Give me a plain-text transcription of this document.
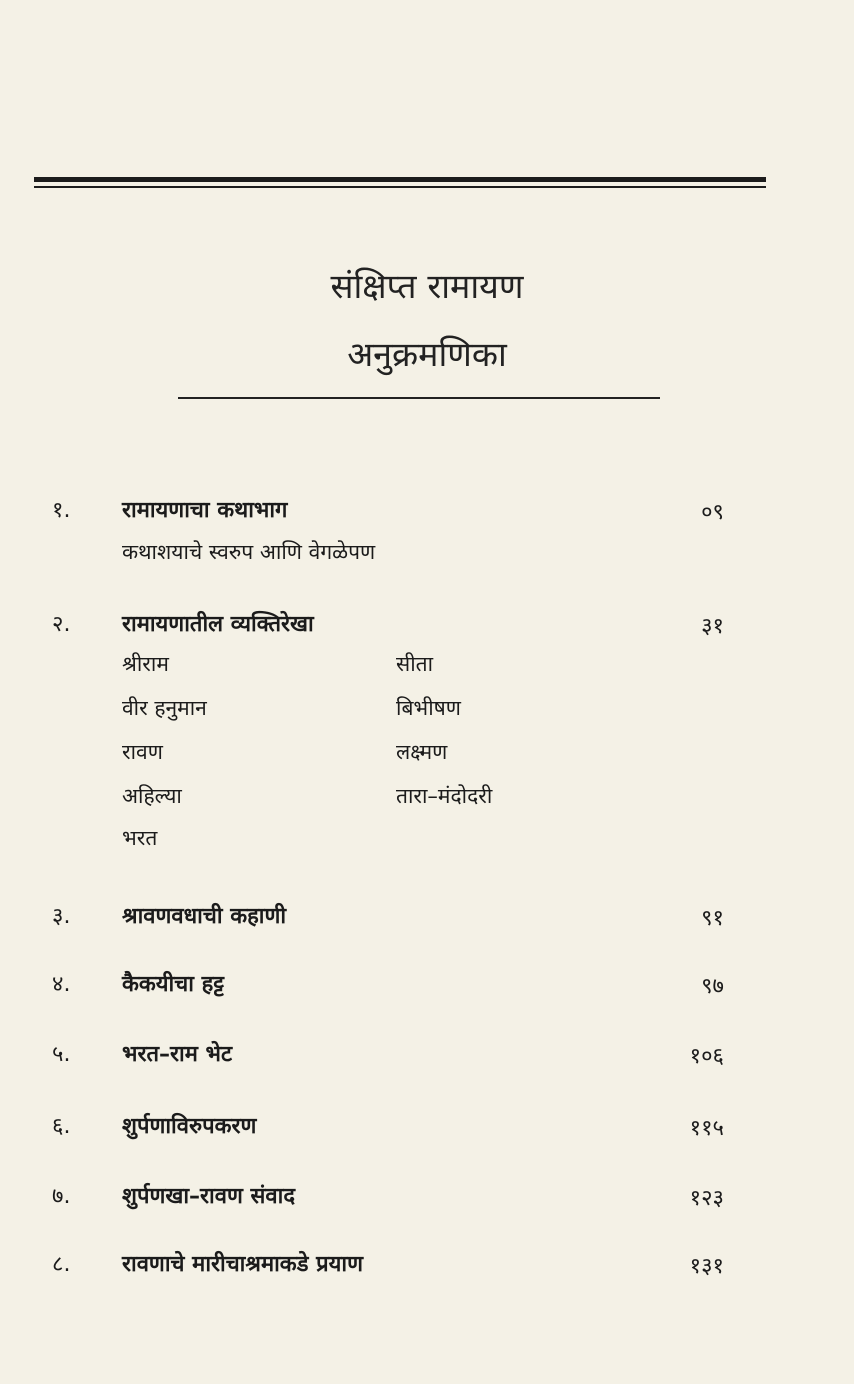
संक्षिप्त रामायण
अनुक्रमणिका
१. रामायणाचा कथाभाग	०९
कथाशयाचे स्वरुप आणि वेगळेपण
२. रामायणातील व्यक्तिरेखा	३१
श्रीराम	सीता
वीर हनुमान	बिभीषण
रावण	लक्ष्मण
अहिल्या	तारा–मंदोदरी
भरत
३. श्रावणवधाची कहाणी	९१
४. कैकयीचा हट्ट	९७
५. भरत–राम भेट	१०६
६. शुर्पणाविरुपकरण	११५
७. शुर्पणखा–रावण संवाद	१२३
८. रावणाचे मारीचाश्रमाकडे प्रयाण	१३१
